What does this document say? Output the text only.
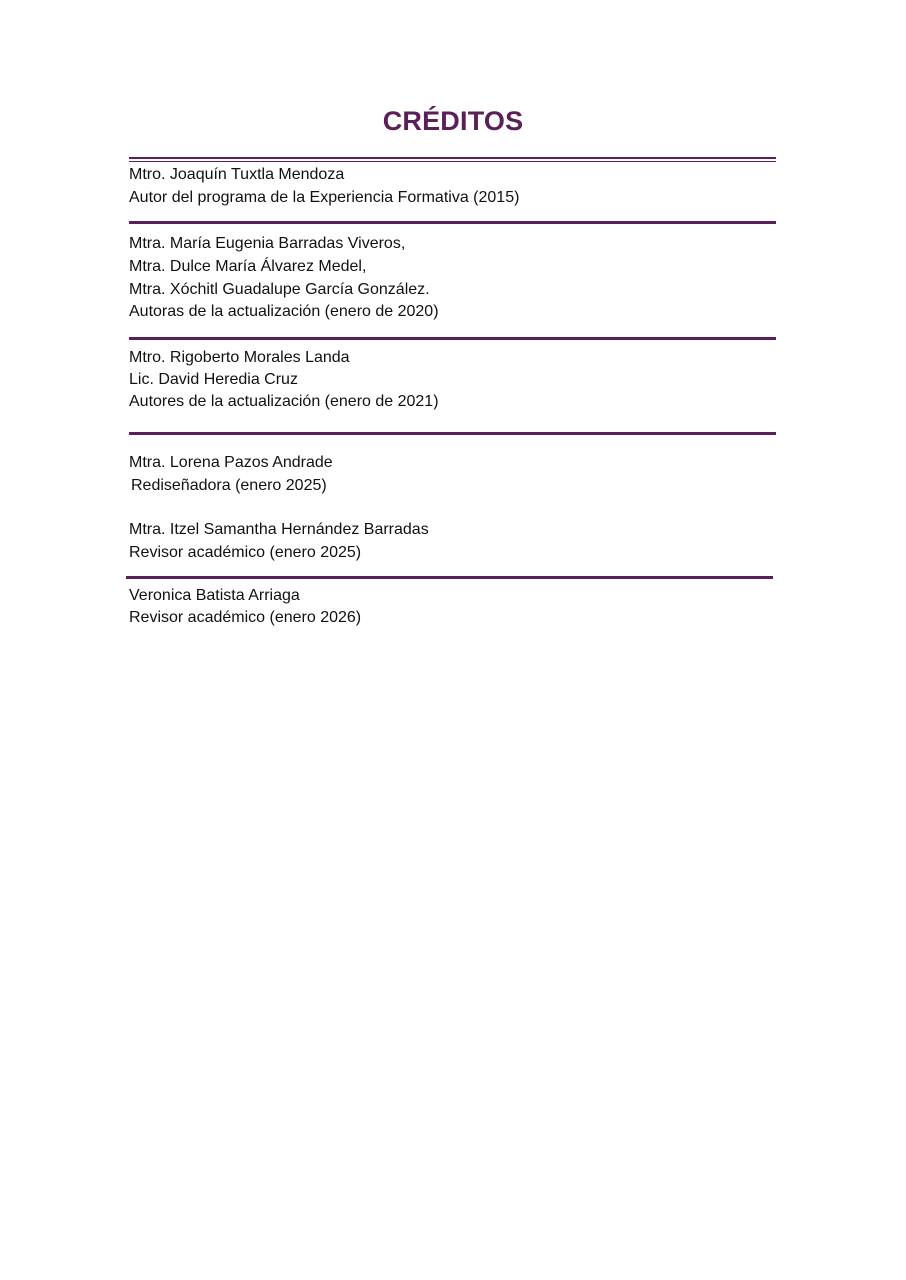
CRÉDITOS
Mtro. Joaquín Tuxtla Mendoza
Autor del programa de la Experiencia Formativa (2015)
Mtra. María Eugenia Barradas Viveros,
Mtra. Dulce María Álvarez Medel,
Mtra. Xóchitl Guadalupe García González.
Autoras de la actualización (enero de 2020)
Mtro. Rigoberto Morales Landa
Lic. David Heredia Cruz
Autores de la actualización (enero de 2021)
Mtra. Lorena Pazos Andrade
Rediseñadora (enero 2025)
Mtra. Itzel Samantha Hernández Barradas
Revisor académico (enero 2025)
Veronica Batista Arriaga
Revisor académico (enero 2026)
